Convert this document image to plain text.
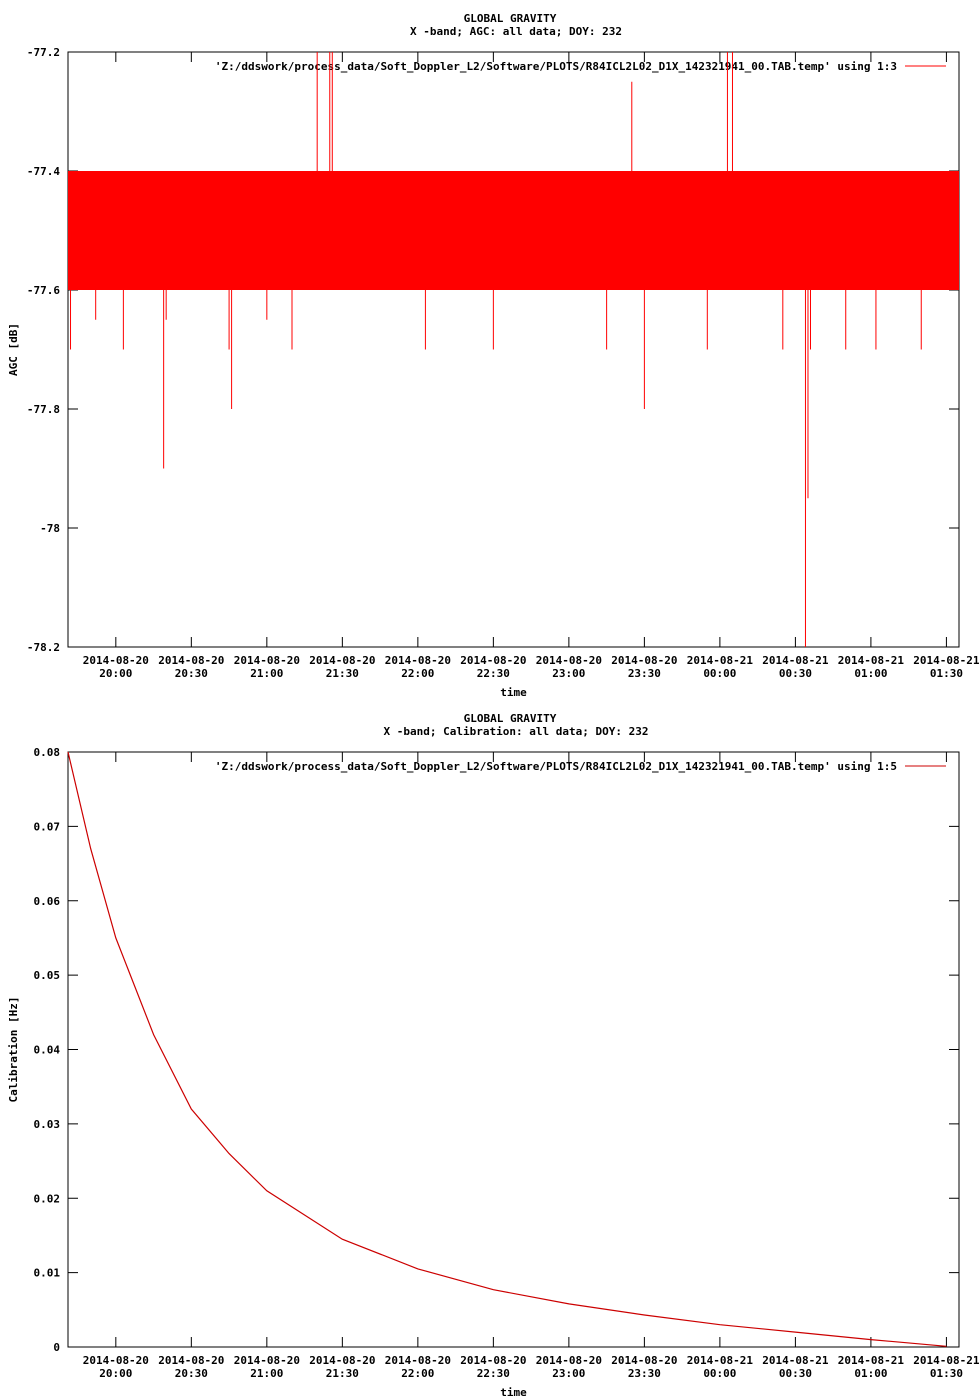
GLOBAL GRAVITY
X -band; AGC: all data; DOY: 232
-77.2
-77.4
-77.6
-77.8
-78
-78.2
2014-08-20
20:00
2014-08-20
20:30
2014-08-20
21:00
2014-08-20
21:30
2014-08-20
22:00
2014-08-20
22:30
2014-08-20
23:00
2014-08-20
23:30
2014-08-21
00:00
2014-08-21
00:30
2014-08-21
01:00
2014-08-21
01:30
time
AGC [dB]
'Z:/ddswork/process_data/Soft_Doppler_L2/Software/PLOTS/R84ICL2L02_D1X_142321941_00.TAB.temp' using 1:3
GLOBAL GRAVITY
X -band; Calibration: all data; DOY: 232
0.08
0.07
0.06
0.05
0.04
0.03
0.02
0.01
0
2014-08-20
20:00
2014-08-20
20:30
2014-08-20
21:00
2014-08-20
21:30
2014-08-20
22:00
2014-08-20
22:30
2014-08-20
23:00
2014-08-20
23:30
2014-08-21
00:00
2014-08-21
00:30
2014-08-21
01:00
2014-08-21
01:30
time
Calibration [Hz]
'Z:/ddswork/process_data/Soft_Doppler_L2/Software/PLOTS/R84ICL2L02_D1X_142321941_00.TAB.temp' using 1:5
